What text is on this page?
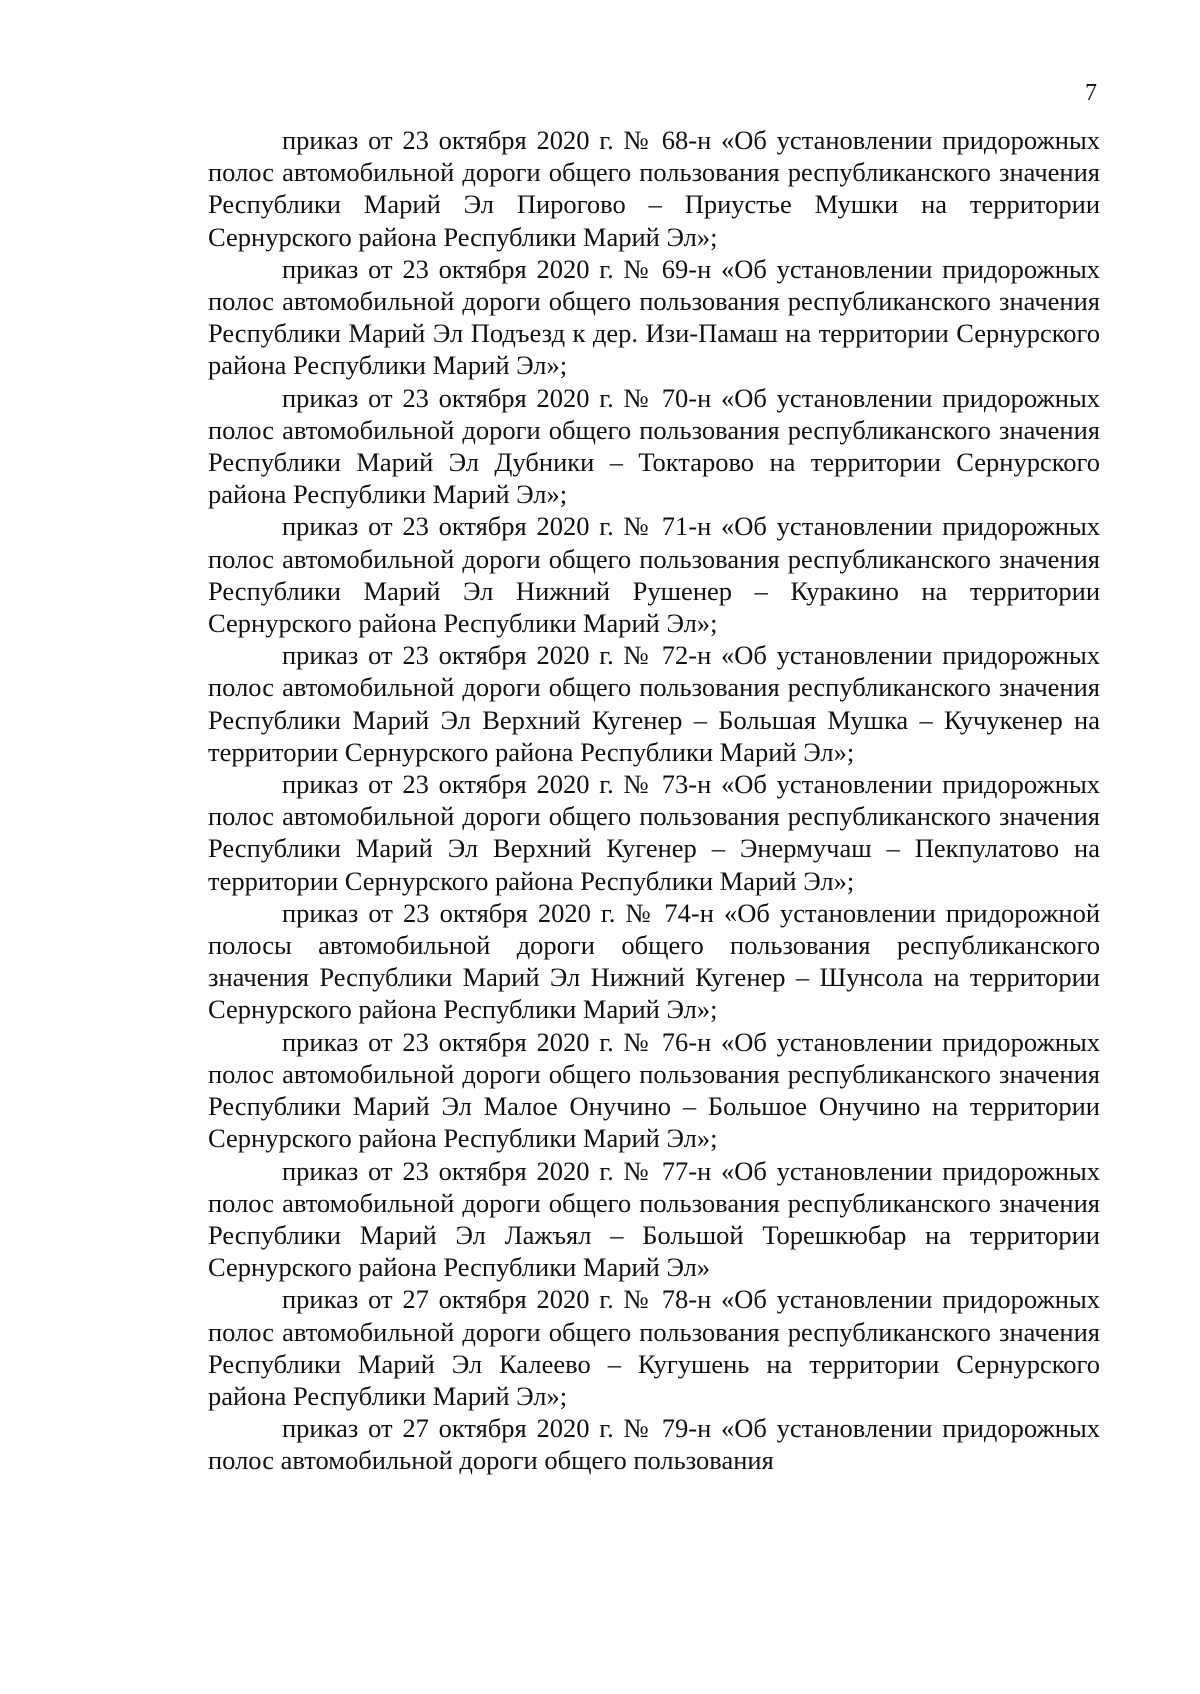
7

приказ от 23 октября 2020 г. № 68-н «Об установлении придорожных полос автомобильной дороги общего пользования республиканского значения Республики Марий Эл Пирогово – Приустье Мушки на территории Сернурского района Республики Марий Эл»;

приказ от 23 октября 2020 г. № 69-н «Об установлении придорожных полос автомобильной дороги общего пользования республиканского значения Республики Марий Эл Подъезд к дер. Изи-Памаш на территории Сернурского района Республики Марий Эл»;

приказ от 23 октября 2020 г. № 70-н «Об установлении придорожных полос автомобильной дороги общего пользования республиканского значения Республики Марий Эл Дубники – Токтарово на территории Сернурского района Республики Марий Эл»;

приказ от 23 октября 2020 г. № 71-н «Об установлении придорожных полос автомобильной дороги общего пользования республиканского значения Республики Марий Эл Нижний Рушенер – Куракино на территории Сернурского района Республики Марий Эл»;

приказ от 23 октября 2020 г. № 72-н «Об установлении придорожных полос автомобильной дороги общего пользования республиканского значения Республики Марий Эл Верхний Кугенер – Большая Мушка – Кучукенер на территории Сернурского района Республики Марий Эл»;

приказ от 23 октября 2020 г. № 73-н «Об установлении придорожных полос автомобильной дороги общего пользования республиканского значения Республики Марий Эл Верхний Кугенер – Энермучаш – Пекпулатово на территории Сернурского района Республики Марий Эл»;

приказ от 23 октября 2020 г. № 74-н «Об установлении придорожной полосы автомобильной дороги общего пользования республиканского значения Республики Марий Эл Нижний Кугенер – Шунсола на территории Сернурского района Республики Марий Эл»;

приказ от 23 октября 2020 г. № 76-н «Об установлении придорожных полос автомобильной дороги общего пользования республиканского значения Республики Марий Эл Малое Онучино – Большое Онучино на территории Сернурского района Республики Марий Эл»;

приказ от 23 октября 2020 г. № 77-н «Об установлении придорожных полос автомобильной дороги общего пользования республиканского значения Республики Марий Эл Лажъял – Большой Торешкюбар на территории Сернурского района Республики Марий Эл»

приказ от 27 октября 2020 г. № 78-н «Об установлении придорожных полос автомобильной дороги общего пользования республиканского значения Республики Марий Эл Калеево – Кугушень на территории Сернурского района Республики Марий Эл»;

приказ от 27 октября 2020 г. № 79-н «Об установлении придорожных полос автомобильной дороги общего пользования
